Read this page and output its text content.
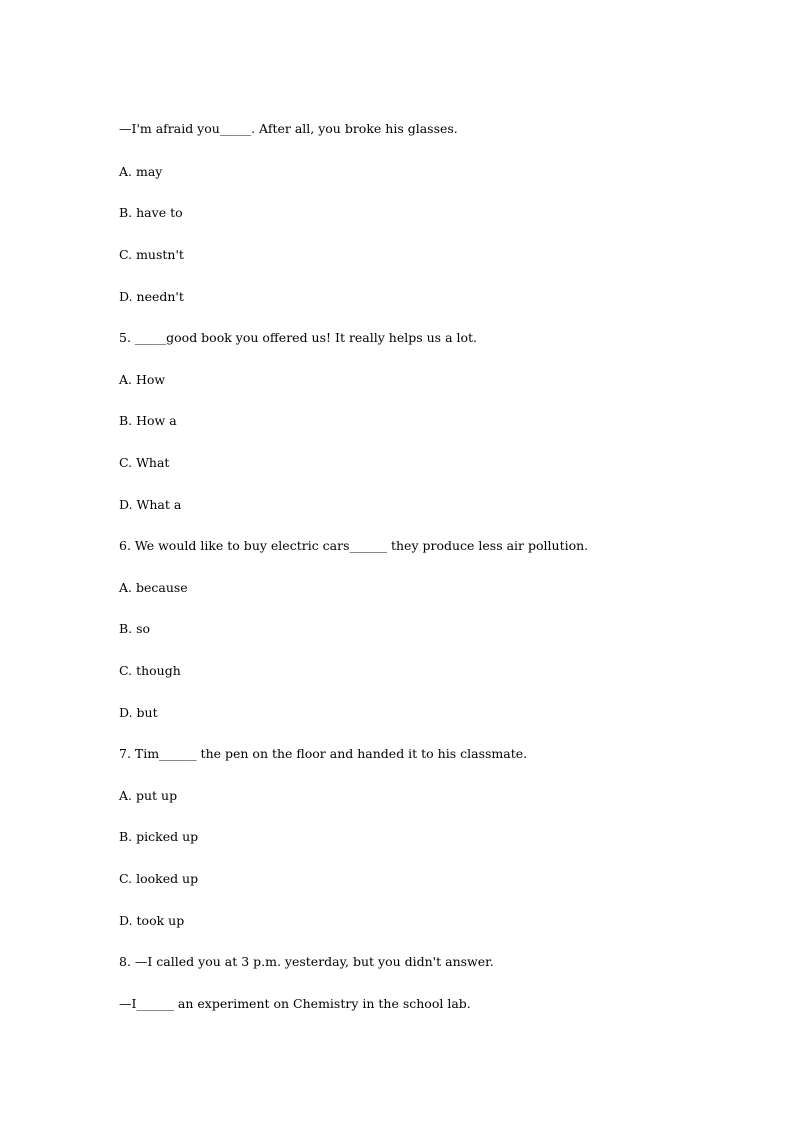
—I'm afraid you_____. After all, you broke his glasses.
A. may
B. have to
C. mustn't
D. needn't
5. _____good book you offered us! It really helps us a lot.
A. How
B. How a
C. What
D. What a
6. We would like to buy electric cars______ they produce less air pollution.
A. because
B. so
C. though
D. but
7. Tim______ the pen on the floor and handed it to his classmate.
A. put up
B. picked up
C. looked up
D. took up
8. —I called you at 3 p.m. yesterday, but you didn't answer.
—I______ an experiment on Chemistry in the school lab.
